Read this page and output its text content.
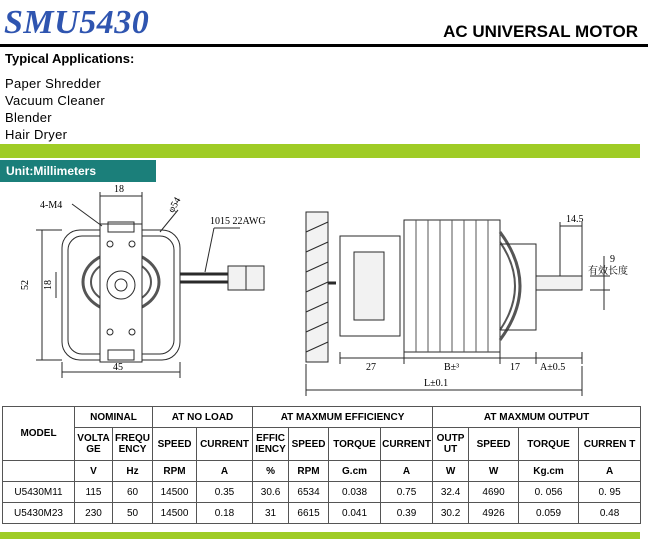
SMU5430	AC UNIVERSAL MOTOR
Typical Applications:
Paper Shredder
Vacuum Cleaner
Blender
Hair Dryer
Unit:Millimeters
4-M4
18
φ54
1015 22AWG
52 18
45
14.5
9
有效长度
27	B±³	17 A±0.5
L±0.1
MODEL	NOMINAL		AT NO LOAD		AT MAXMUM EFFICIENCY				AT MAXMUM OUTPUT			
	VOLTA GE	FREQU ENCY	SPEED	CURRENT	EFFIC IENCY	SPEED	TORQUE	CURRENT	OUTP UT	SPEED	TORQUE	CURREN T
	V	Hz	RPM	A	%	RPM	G.cm	A	W	W	Kg.cm	A
U5430M11	115	60	14500	0.35	30.6	6534	0.038	0.75	32.4	4690	0. 056	0. 95
U5430M23	230	50	14500	0.18	31	6615	0.041	0.39	30.2	4926	0.059	0.48
